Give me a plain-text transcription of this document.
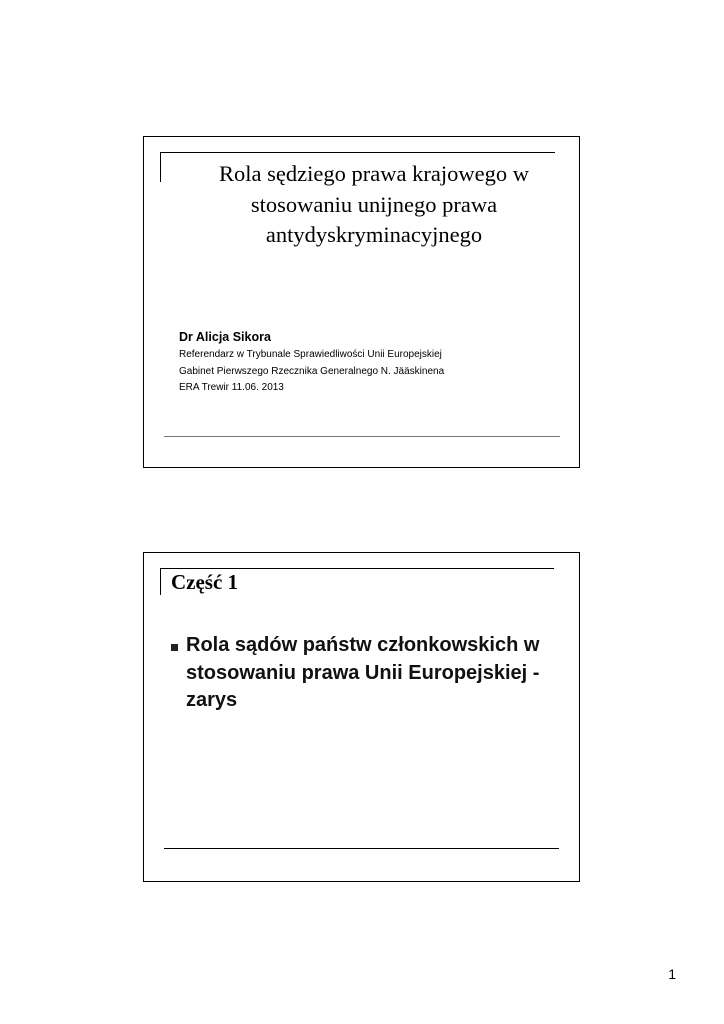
Rola sędziego prawa krajowego w stosowaniu unijnego prawa antydyskryminacyjnego
Dr Alicja Sikora
Referendarz w Trybunale Sprawiedliwości Unii Europejskiej
Gabinet Pierwszego Rzecznika Generalnego N. Jääskinena
ERA Trewir 11.06. 2013
Część 1
Rola sądów państw członkowskich w stosowaniu prawa Unii Europejskiej - zarys
1
